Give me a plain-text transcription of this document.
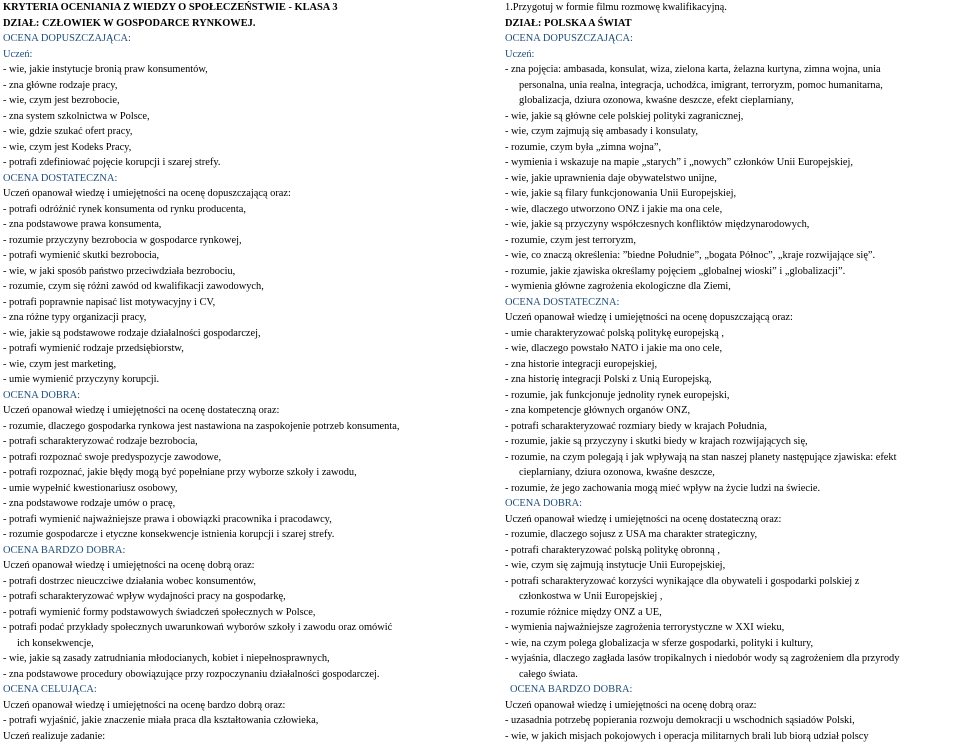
KRYTERIA OCENIANIA Z WIEDZY O SPOŁECZEŃSTWIE - KLASA 3
DZIAŁ: CZŁOWIEK W GOSPODARCE RYNKOWEJ.
OCENA DOPUSZCZAJĄCA:
Uczeń:
- wie, jakie instytucje bronią praw konsumentów,
- zna główne rodzaje pracy,
- wie, czym jest bezrobocie,
- zna system szkolnictwa w Polsce,
- wie, gdzie szukać ofert pracy,
- wie, czym jest Kodeks Pracy,
- potrafi zdefiniować pojęcie korupcji i szarej strefy.
OCENA DOSTATECZNA:
Uczeń opanował wiedzę i umiejętności na ocenę dopuszczającą oraz:
- potrafi odróżnić rynek konsumenta od rynku producenta,
- zna podstawowe prawa konsumenta,
- rozumie przyczyny bezrobocia w gospodarce rynkowej,
- potrafi wymienić skutki bezrobocia,
- wie, w jaki sposób państwo przeciwdziała bezrobociu,
- rozumie, czym się różni zawód od kwalifikacji zawodowych,
- potrafi poprawnie napisać list motywacyjny i CV,
- zna różne typy organizacji pracy,
- wie, jakie są podstawowe rodzaje działalności gospodarczej,
- potrafi wymienić rodzaje przedsiębiorstw,
- wie, czym jest marketing,
- umie wymienić przyczyny korupcji.
OCENA DOBRA:
Uczeń opanował wiedzę i umiejętności na ocenę dostateczną oraz:
- rozumie, dlaczego gospodarka rynkowa jest nastawiona na zaspokojenie potrzeb konsumenta,
- potrafi scharakteryzować rodzaje bezrobocia,
- potrafi rozpoznać swoje predyspozycje zawodowe,
- potrafi rozpoznać, jakie błędy mogą być popełniane przy wyborze szkoły i zawodu,
- umie wypełnić kwestionariusz osobowy,
- zna podstawowe rodzaje umów o pracę,
- potrafi wymienić najważniejsze prawa i obowiązki pracownika i pracodawcy,
- rozumie gospodarcze i etyczne konsekwencje istnienia korupcji i szarej strefy.
OCENA BARDZO DOBRA:
Uczeń opanował wiedzę i umiejętności na ocenę dobrą oraz:
- potrafi dostrzec nieuczciwe działania wobec konsumentów,
- potrafi scharakteryzować wpływ wydajności pracy na gospodarkę,
- potrafi wymienić formy podstawowych świadczeń społecznych w Polsce,
- potrafi podać przykłady społecznych uwarunkowań wyborów szkoły i zawodu oraz omówić
ich konsekwencje,
- wie, jakie są zasady zatrudniania młodocianych, kobiet i niepełnosprawnych,
- zna podstawowe procedury obowiązujące przy rozpoczynaniu działalności gospodarczej.
OCENA CELUJĄCA:
Uczeń opanował wiedzę i umiejętności na ocenę bardzo dobrą oraz:
- potrafi wyjaśnić, jakie znaczenie miała praca dla kształtowania człowieka,
Uczeń realizuje zadanie:
1.Przygotuj w formie filmu rozmowę kwalifikacyjną.
DZIAŁ: POLSKA A ŚWIAT
OCENA DOPUSZCZAJĄCA:
Uczeń:
- zna pojęcia: ambasada, konsulat, wiza, zielona karta, żelazna kurtyna, zimna wojna, unia
personalna, unia realna, integracja, uchodźca, imigrant, terroryzm, pomoc humanitarna,
globalizacja, dziura ozonowa, kwaśne deszcze, efekt cieplarniany,
- wie, jakie są główne cele polskiej polityki zagranicznej,
- wie, czym zajmują się ambasady i konsulaty,
- rozumie, czym była „zimna wojna”,
- wymienia i wskazuje na mapie „starych” i „nowych” członków Unii Europejskiej,
- wie, jakie uprawnienia daje obywatelstwo unijne,
- wie, jakie są filary funkcjonowania Unii Europejskiej,
- wie, dlaczego utworzono ONZ i jakie ma ona cele,
- wie, jakie są przyczyny współczesnych konfliktów międzynarodowych,
- rozumie, czym jest terroryzm,
- wie, co znaczą określenia: ”biedne Południe”, „bogata Północ”, „kraje rozwijające się”.
- rozumie, jakie zjawiska określamy pojęciem „globalnej wioski” i „globalizacji”.
- wymienia główne zagrożenia ekologiczne dla Ziemi,
OCENA DOSTATECZNA:
Uczeń opanował wiedzę i umiejętności na ocenę dopuszczającą oraz:
- umie charakteryzować polską politykę europejską ,
- wie, dlaczego powstało NATO i jakie ma ono cele,
- zna historie integracji europejskiej,
- zna historię integracji Polski z Unią Europejską,
- rozumie, jak funkcjonuje jednolity rynek europejski,
- zna kompetencje głównych organów ONZ,
- potrafi scharakteryzować rozmiary biedy w krajach Południa,
- rozumie, jakie są przyczyny i skutki biedy w krajach rozwijających się,
- rozumie, na czym polegają i jak wpływają na stan naszej planety następujące zjawiska: efekt
cieplarniany, dziura ozonowa, kwaśne deszcze,
- rozumie, że jego zachowania mogą mieć wpływ na życie ludzi na świecie.
OCENA DOBRA:
Uczeń opanował wiedzę i umiejętności na ocenę dostateczną oraz:
- rozumie, dlaczego sojusz z USA ma charakter strategiczny,
- potrafi charakteryzować polską politykę obronną ,
- wie, czym się zajmują instytucje Unii Europejskiej,
- potrafi scharakteryzować korzyści wynikające dla obywateli i gospodarki polskiej z
członkostwa w Unii Europejskiej ,
- rozumie różnice między ONZ a UE,
- wymienia najważniejsze zagrożenia terrorystyczne w XXI wieku,
- wie, na czym polega globalizacja w sferze gospodarki, polityki i kultury,
- wyjaśnia, dlaczego zagłada lasów tropikalnych i niedobór wody są zagrożeniem dla przyrody
całego świata.
OCENA BARDZO DOBRA:
Uczeń opanował wiedzę i umiejętności na ocenę dobrą oraz:
- uzasadnia potrzebę popierania rozwoju demokracji u wschodnich sąsiadów Polski,
- wie, w jakich misjach pokojowych i operacja militarnych brali lub biorą udział polscy
